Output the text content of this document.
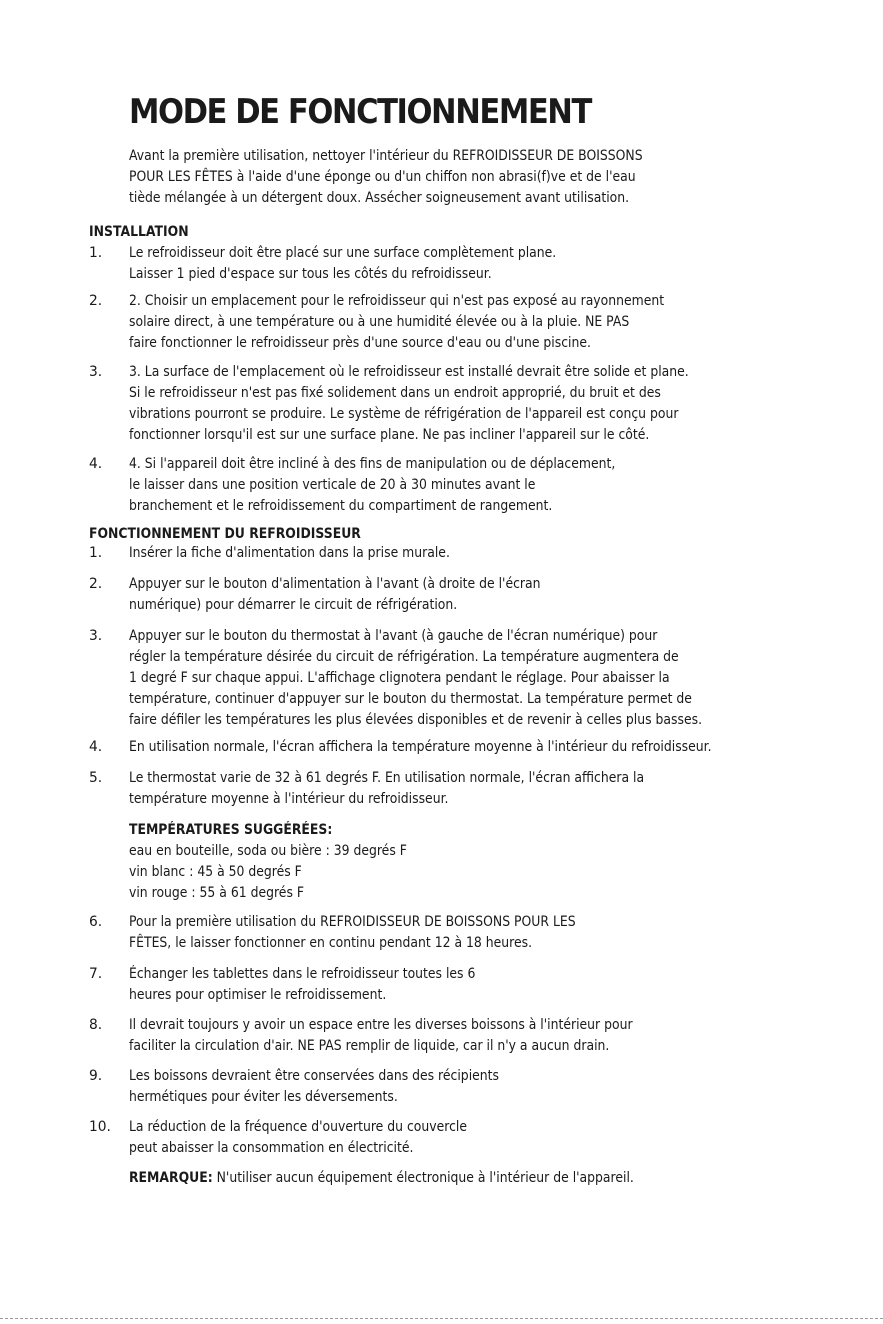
MODE DE FONCTIONNEMENT
Avant la première utilisation, nettoyer l'intérieur du REFROIDISSEUR DE BOISSONS
POUR LES FÊTES à l'aide d'une éponge ou d'un chiffon non abrasi(f)ve et de l'eau
tiède mélangée à un détergent doux. Assécher soigneusement avant utilisation.
INSTALLATION
1. Le refroidisseur doit être placé sur une surface complètement plane.
Laisser 1 pied d'espace sur tous les côtés du refroidisseur.
2. 2. Choisir un emplacement pour le refroidisseur qui n'est pas exposé au rayonnement
solaire direct, à une température ou à une humidité élevée ou à la pluie. NE PAS
faire fonctionner le refroidisseur près d'une source d'eau ou d'une piscine.
3. 3. La surface de l'emplacement où le refroidisseur est installé devrait être solide et plane.
Si le refroidisseur n'est pas fixé solidement dans un endroit approprié, du bruit et des
vibrations pourront se produire. Le système de réfrigération de l'appareil est conçu pour
fonctionner lorsqu'il est sur une surface plane. Ne pas incliner l'appareil sur le côté.
4. 4. Si l'appareil doit être incliné à des fins de manipulation ou de déplacement,
le laisser dans une position verticale de 20 à 30 minutes avant le
branchement et le refroidissement du compartiment de rangement.
FONCTIONNEMENT DU REFROIDISSEUR
1. Insérer la fiche d'alimentation dans la prise murale.
2. Appuyer sur le bouton d'alimentation à l'avant (à droite de l'écran
numérique) pour démarrer le circuit de réfrigération.
3. Appuyer sur le bouton du thermostat à l'avant (à gauche de l'écran numérique) pour
régler la température désirée du circuit de réfrigération. La température augmentera de
1 degré F sur chaque appui. L'affichage clignotera pendant le réglage. Pour abaisser la
température, continuer d'appuyer sur le bouton du thermostat. La température permet de
faire défiler les températures les plus élevées disponibles et de revenir à celles plus basses.
4. En utilisation normale, l'écran affichera la température moyenne à l'intérieur du refroidisseur.
5. Le thermostat varie de 32 à 61 degrés F. En utilisation normale, l'écran affichera la
température moyenne à l'intérieur du refroidisseur.
TEMPÉRATURES SUGGÉRÉES:
eau en bouteille, soda ou bière : 39 degrés F
vin blanc : 45 à 50 degrés F
vin rouge : 55 à 61 degrés F
6. Pour la première utilisation du REFROIDISSEUR DE BOISSONS POUR LES
FÊTES, le laisser fonctionner en continu pendant 12 à 18 heures.
7. Échanger les tablettes dans le refroidisseur toutes les 6
heures pour optimiser le refroidissement.
8. Il devrait toujours y avoir un espace entre les diverses boissons à l'intérieur pour
faciliter la circulation d'air. NE PAS remplir de liquide, car il n'y a aucun drain.
9. Les boissons devraient être conservées dans des récipients
hermétiques pour éviter les déversements.
10. La réduction de la fréquence d'ouverture du couvercle
peut abaisser la consommation en électricité.
REMARQUE: N'utiliser aucun équipement électronique à l'intérieur de l'appareil.
